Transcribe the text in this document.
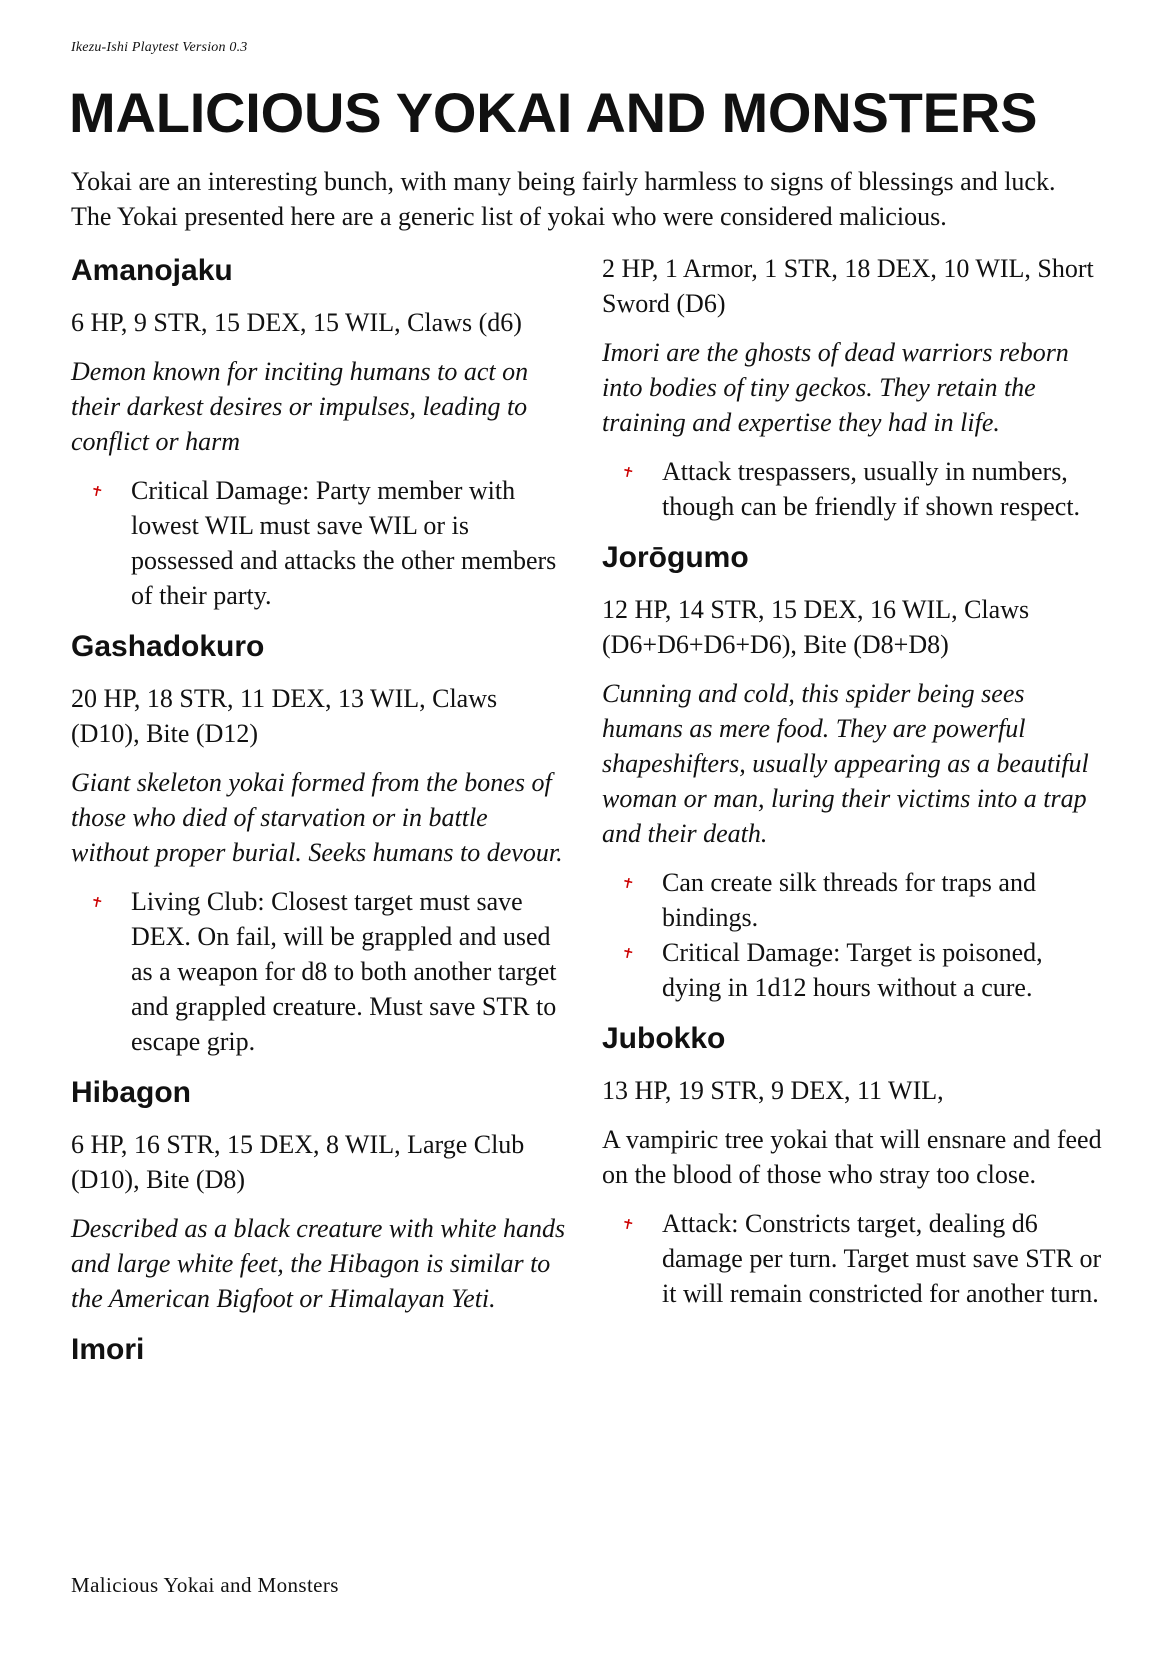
Ikezu-Ishi Playtest Version 0.3
MALICIOUS YOKAI AND MONSTERS

Yokai are an interesting bunch, with many being fairly harmless to signs of blessings and luck. The Yokai presented here are a generic list of yokai who were considered malicious.

Amanojaku

6 HP, 9 STR, 15 DEX, 15 WIL, Claws (d6)

Demon known for inciting humans to act on their darkest desires or impulses, leading to conflict or harm

Critical Damage: Party member with lowest WIL must save WIL or is possessed and attacks the other members of their party.
Gashadokuro

20 HP, 18 STR, 11 DEX, 13 WIL, Claws (D10), Bite (D12)

Giant skeleton yokai formed from the bones of those who died of starvation or in battle without proper burial. Seeks humans to devour.

Living Club: Closest target must save DEX. On fail, will be grappled and used as a weapon for d8 to both another target and grappled creature. Must save STR to escape grip.
Hibagon

6 HP, 16 STR, 15 DEX, 8 WIL, Large Club (D10), Bite (D8)

Described as a black creature with white hands and large white feet, the Hibagon is similar to the American Bigfoot or Himalayan Yeti.

Imori

2 HP, 1 Armor, 1 STR, 18 DEX, 10 WIL, Short Sword (D6)

Imori are the ghosts of dead warriors reborn into bodies of tiny geckos. They retain the training and expertise they had in life.

Attack trespassers, usually in numbers, though can be friendly if shown respect.
Jorōgumo

12 HP, 14 STR, 15 DEX, 16 WIL, Claws (D6+D6+D6+D6), Bite (D8+D8)

Cunning and cold, this spider being sees humans as mere food. They are powerful shapeshifters, usually appearing as a beautiful woman or man, luring their victims into a trap and their death.

Can create silk threads for traps and bindings.
Critical Damage: Target is poisoned, dying in 1d12 hours without a cure.
Jubokko

13 HP, 19 STR, 9 DEX, 11 WIL,

A vampiric tree yokai that will ensnare and feed on the blood of those who stray too close.

Attack: Constricts target, dealing d6 damage per turn. Target must save STR or it will remain constricted for another turn.
Malicious Yokai and Monsters
